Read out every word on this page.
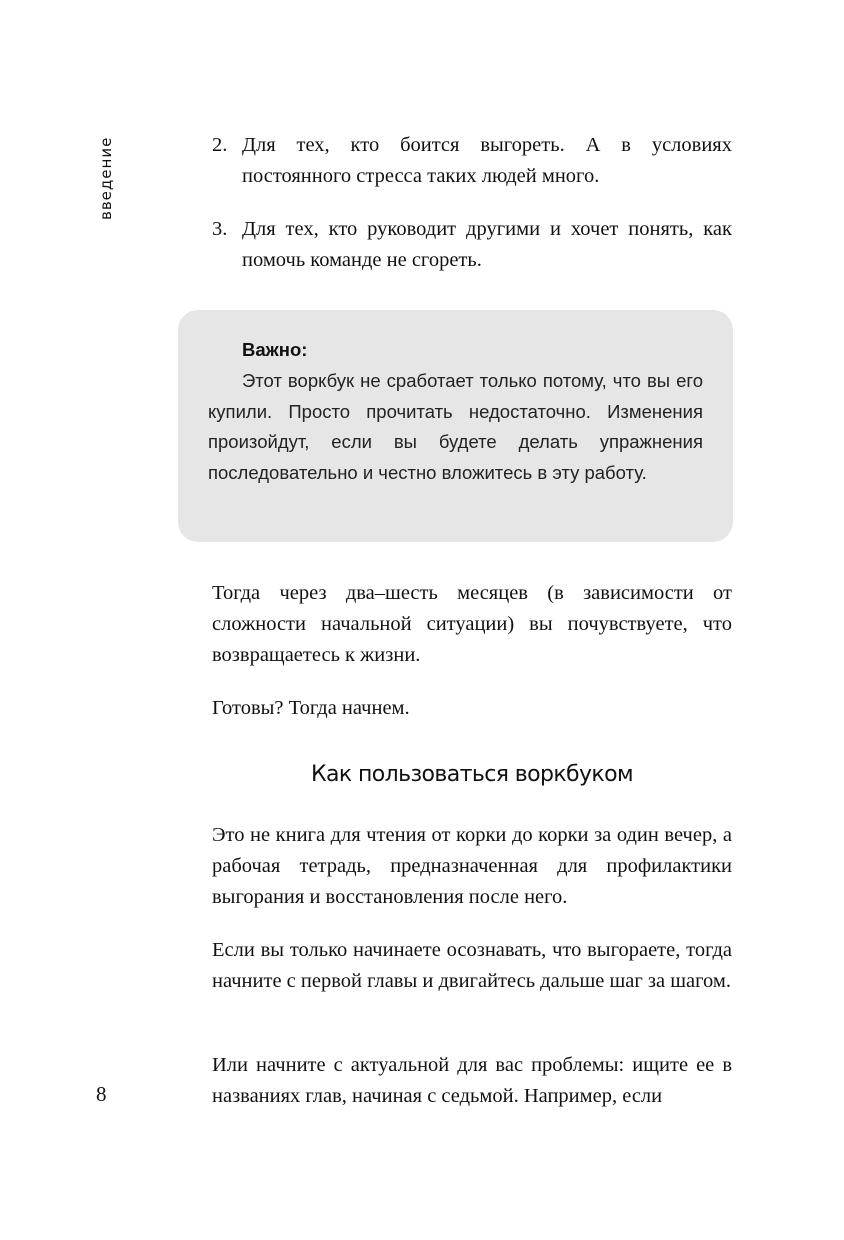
введение	2. Для тех, кто боится выгореть. А в условиях постоянного стресса таких людей много.
3. Для тех, кто руководит другими и хочет понять, как помочь команде не сгореть.
Важно:
Этот воркбук не сработает только потому, что вы его купили. Просто прочитать недостаточно. Изменения произойдут, если вы будете делать упражнения последовательно и честно вложитесь в эту работу.
Тогда через два–шесть месяцев (в зависимости от сложности начальной ситуации) вы почувствуете, что возвращаетесь к жизни.
Готовы? Тогда начнем.
Как пользоваться воркбуком
Это не книга для чтения от корки до корки за один вечер, а рабочая тетрадь, предназначенная для профилактики выгорания и восстановления после него.
Если вы только начинаете осознавать, что выгораете, тогда начните с первой главы и двигайтесь дальше шаг за шагом.
Или начните с актуальной для вас проблемы: ищите ее в названиях глав, начиная с седьмой. Например, если
8
